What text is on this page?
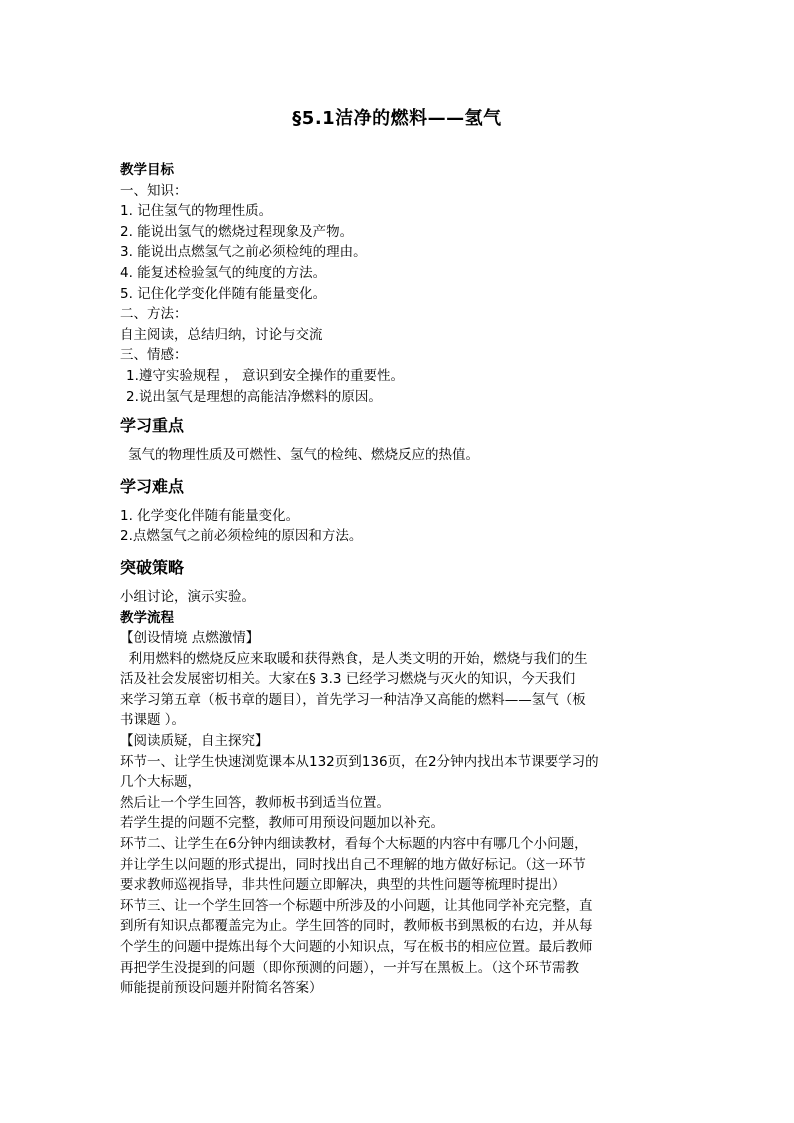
§5.1洁净的燃料——氢气
教学目标
一、知识：
1. 记住氢气的物理性质。
2. 能说出氢气的燃烧过程现象及产物。
3. 能说出点燃氢气之前必须检纯的理由。
4. 能复述检验氢气的纯度的方法。
5. 记住化学变化伴随有能量变化。
二、方法：
自主阅读，总结归纳，讨论与交流
三、情感：
1.遵守实验规程 ， 意识到安全操作的重要性。
2.说出氢气是理想的高能洁净燃料的原因。
学习重点
氢气的物理性质及可燃性、氢气的检纯、燃烧反应的热值。
学习难点
1. 化学变化伴随有能量变化。
2.点燃氢气之前必须检纯的原因和方法。
突破策略
小组讨论，演示实验。
教学流程
【创设情境 点燃激情】
利用燃料的燃烧反应来取暖和获得熟食，是人类文明的开始，燃烧与我们的生
活及社会发展密切相关。大家在§ 3.3 已经学习燃烧与灭火的知识，今天我们
来学习第五章（板书章的题目），首先学习一种洁净又高能的燃料——氢气（板
书课题 ）。
【阅读质疑，自主探究】
环节一、让学生快速浏览课本从132页到136页，在2分钟内找出本节课要学习的
几个大标题，
然后让一个学生回答，教师板书到适当位置。
若学生提的问题不完整，教师可用预设问题加以补充。
环节二、让学生在6分钟内细读教材，看每个大标题的内容中有哪几个小问题，
并让学生以问题的形式提出，同时找出自己不理解的地方做好标记。（这一环节
要求教师巡视指导，非共性问题立即解决，典型的共性问题等梳理时提出）
环节三、让一个学生回答一个标题中所涉及的小问题，让其他同学补充完整，直
到所有知识点都覆盖完为止。学生回答的同时，教师板书到黑板的右边，并从每
个学生的问题中提炼出每个大问题的小知识点，写在板书的相应位置。最后教师
再把学生没提到的问题（即你预测的问题），一并写在黑板上。（这个环节需教
师能提前预设问题并附简名答案）
